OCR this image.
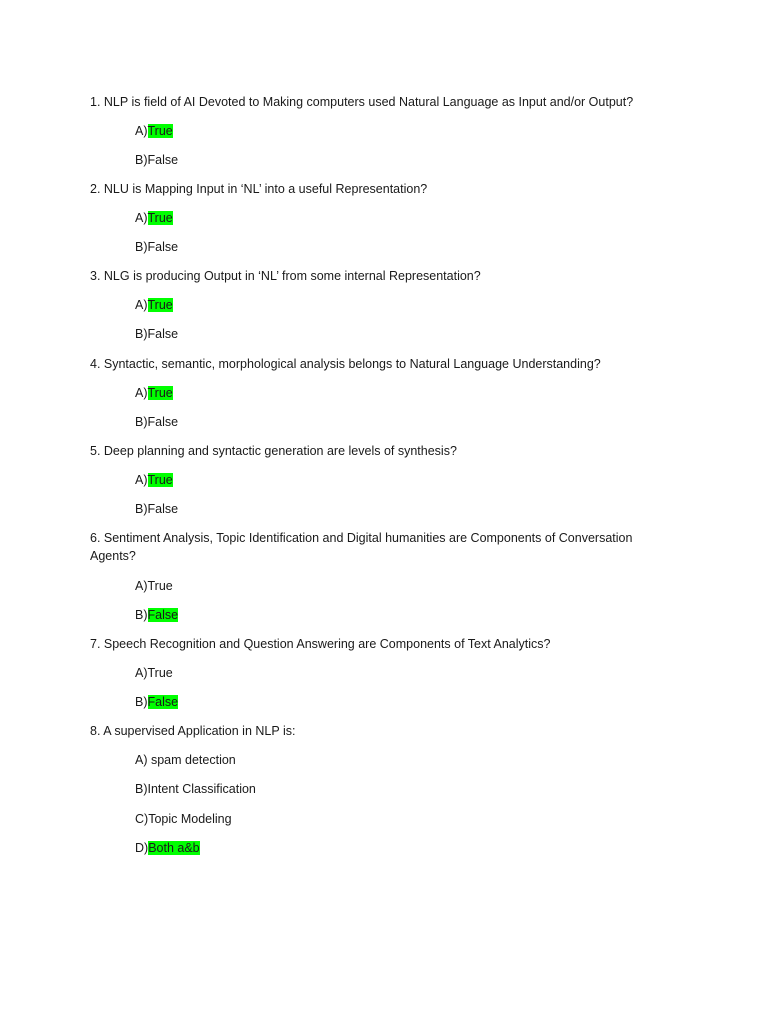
1. NLP is field of AI Devoted to Making computers used Natural Language as Input and/or Output?

A)True
B)False

2. NLU is Mapping Input in ‘NL’ into a useful Representation?

A)True
B)False

3. NLG is producing Output in ‘NL’ from some internal Representation?

A)True
B)False

4. Syntactic, semantic, morphological analysis belongs to Natural Language Understanding?

A)True
B)False

5. Deep planning and syntactic generation are levels of synthesis?

A)True
B)False

6. Sentiment Analysis, Topic Identification and Digital humanities are Components of Conversation Agents?

A)True
B)False

7. Speech Recognition and Question Answering are Components of Text Analytics?

A)True
B)False

8. A supervised Application in NLP is:

A) spam detection
B)Intent Classification
C)Topic Modeling
D)Both a&b
